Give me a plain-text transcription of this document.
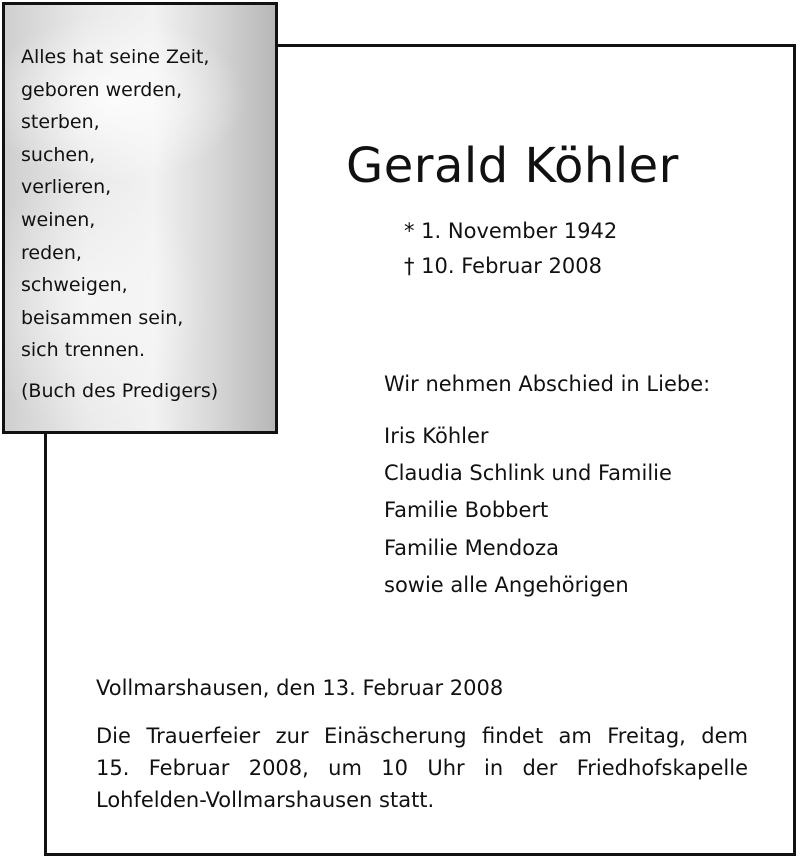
Alles hat seine Zeit,
geboren werden,
sterben,
suchen,
verlieren,
weinen,
reden,
schweigen,
beisammen sein,
sich trennen.
(Buch des Predigers)
Gerald Köhler
* 1. November 1942
† 10. Februar 2008
Wir nehmen Abschied in Liebe:
Iris Köhler
Claudia Schlink und Familie
Familie Bobbert
Familie Mendoza
sowie alle Angehörigen
Vollmarshausen, den 13. Februar 2008
Die Trauerfeier zur Einäscherung findet am Freitag, dem
15. Februar 2008, um 10 Uhr in der Friedhofskapelle
Lohfelden-Vollmarshausen statt.
